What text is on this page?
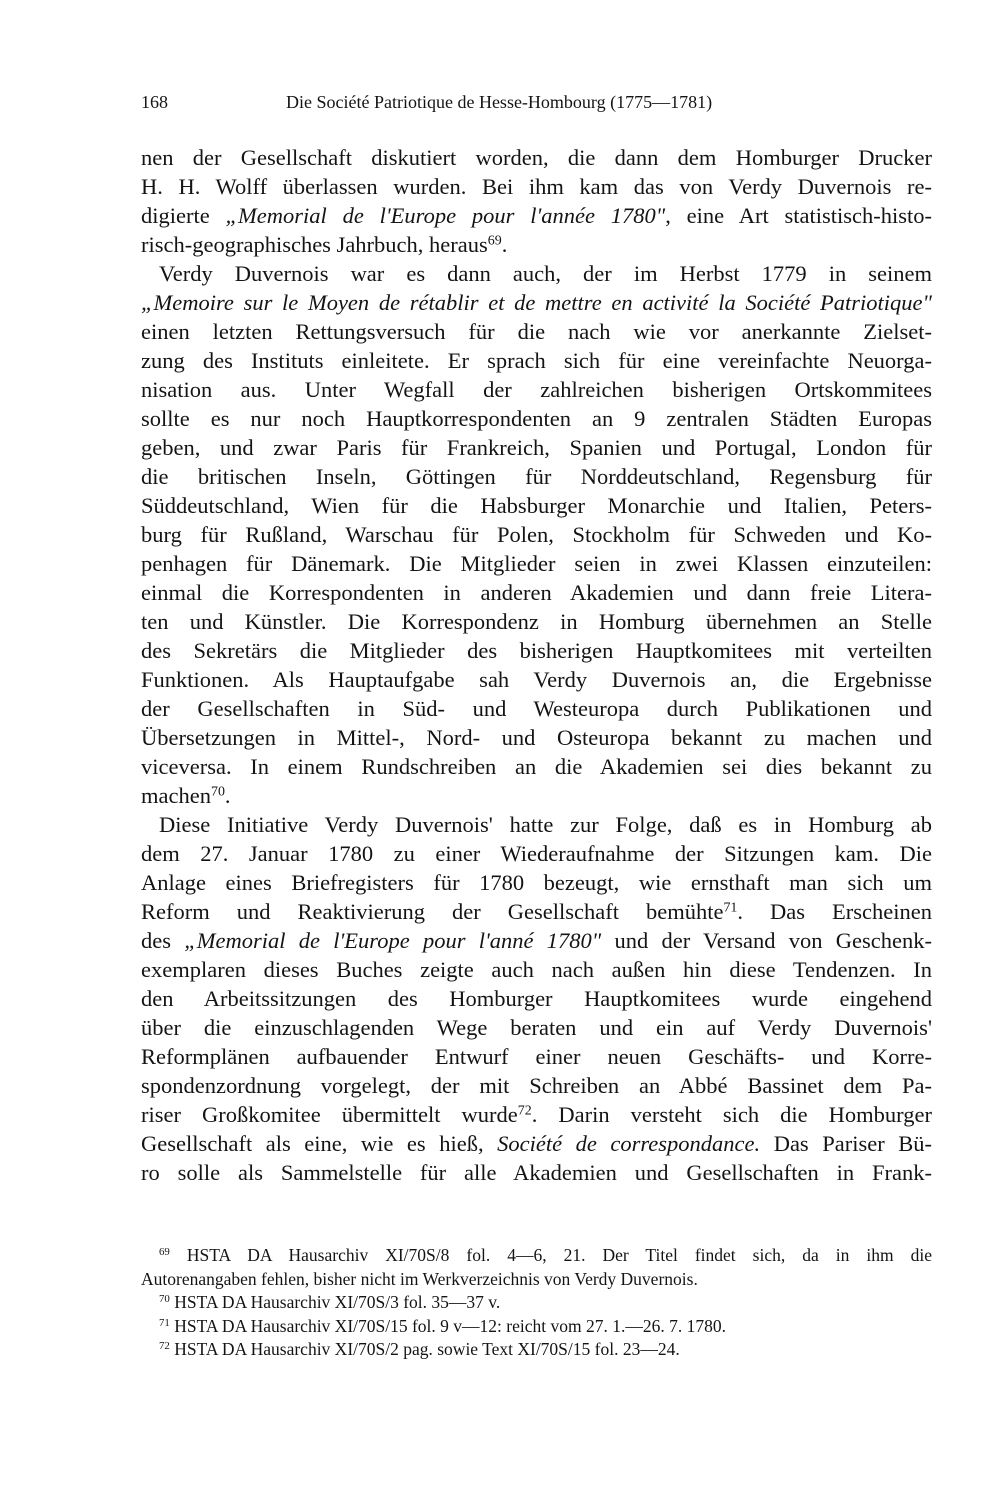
168	Die Société Patriotique de Hesse-Hombourg (1775—1781)
nen der Gesellschaft diskutiert worden, die dann dem Homburger Drucker
H. H. Wolff überlassen wurden. Bei ihm kam das von Verdy Duvernois re-
digierte „Memorial de l'Europe pour l'année 1780", eine Art statistisch-histo-
risch-geographisches Jahrbuch, heraus$^{69}$.
Verdy Duvernois war es dann auch, der im Herbst 1779 in seinem
„Memoire sur le Moyen de rétablir et de mettre en activité la Société Patriotique"
einen letzten Rettungsversuch für die nach wie vor anerkannte Zielset-
zung des Instituts einleitete. Er sprach sich für eine vereinfachte Neuorga-
nisation aus. Unter Wegfall der zahlreichen bisherigen Ortskommitees
sollte es nur noch Hauptkorrespondenten an 9 zentralen Städten Europas
geben, und zwar Paris für Frankreich, Spanien und Portugal, London für
die britischen Inseln, Göttingen für Norddeutschland, Regensburg für
Süddeutschland, Wien für die Habsburger Monarchie und Italien, Peters-
burg für Rußland, Warschau für Polen, Stockholm für Schweden und Ko-
penhagen für Dänemark. Die Mitglieder seien in zwei Klassen einzuteilen:
einmal die Korrespondenten in anderen Akademien und dann freie Litera-
ten und Künstler. Die Korrespondenz in Homburg übernehmen an Stelle
des Sekretärs die Mitglieder des bisherigen Hauptkomitees mit verteilten
Funktionen. Als Hauptaufgabe sah Verdy Duvernois an, die Ergebnisse
der Gesellschaften in Süd- und Westeuropa durch Publikationen und
Übersetzungen in Mittel-, Nord- und Osteuropa bekannt zu machen und
viceversa. In einem Rundschreiben an die Akademien sei dies bekannt zu
machen$^{70}$.
Diese Initiative Verdy Duvernois' hatte zur Folge, daß es in Homburg ab
dem 27. Januar 1780 zu einer Wiederaufnahme der Sitzungen kam. Die
Anlage eines Briefregisters für 1780 bezeugt, wie ernsthaft man sich um
Reform und Reaktivierung der Gesellschaft bemühte$^{71}$. Das Erscheinen
des „Memorial de l'Europe pour l'anné 1780" und der Versand von Geschenk-
exemplaren dieses Buches zeigte auch nach außen hin diese Tendenzen. In
den Arbeitssitzungen des Homburger Hauptkomitees wurde eingehend
über die einzuschlagenden Wege beraten und ein auf Verdy Duvernois'
Reformplänen aufbauender Entwurf einer neuen Geschäfts- und Korre-
spondenzordnung vorgelegt, der mit Schreiben an Abbé Bassinet dem Pa-
riser Großkomitee übermittelt wurde$^{72}$. Darin versteht sich die Homburger
Gesellschaft als eine, wie es hieß, Société de correspondance. Das Pariser Bü-
ro solle als Sammelstelle für alle Akademien und Gesellschaften in Frank-
$^{69}$ HSTA DA Hausarchiv XI/70S/8 fol. 4—6, 21. Der Titel findet sich, da in ihm die
Autorenangaben fehlen, bisher nicht im Werkverzeichnis von Verdy Duvernois.
$^{70}$ HSTA DA Hausarchiv XI/70S/3 fol. 35—37 v.
$^{71}$ HSTA DA Hausarchiv XI/70S/15 fol. 9 v—12: reicht vom 27. 1.—26. 7. 1780.
$^{72}$ HSTA DA Hausarchiv XI/70S/2 pag. sowie Text XI/70S/15 fol. 23—24.
